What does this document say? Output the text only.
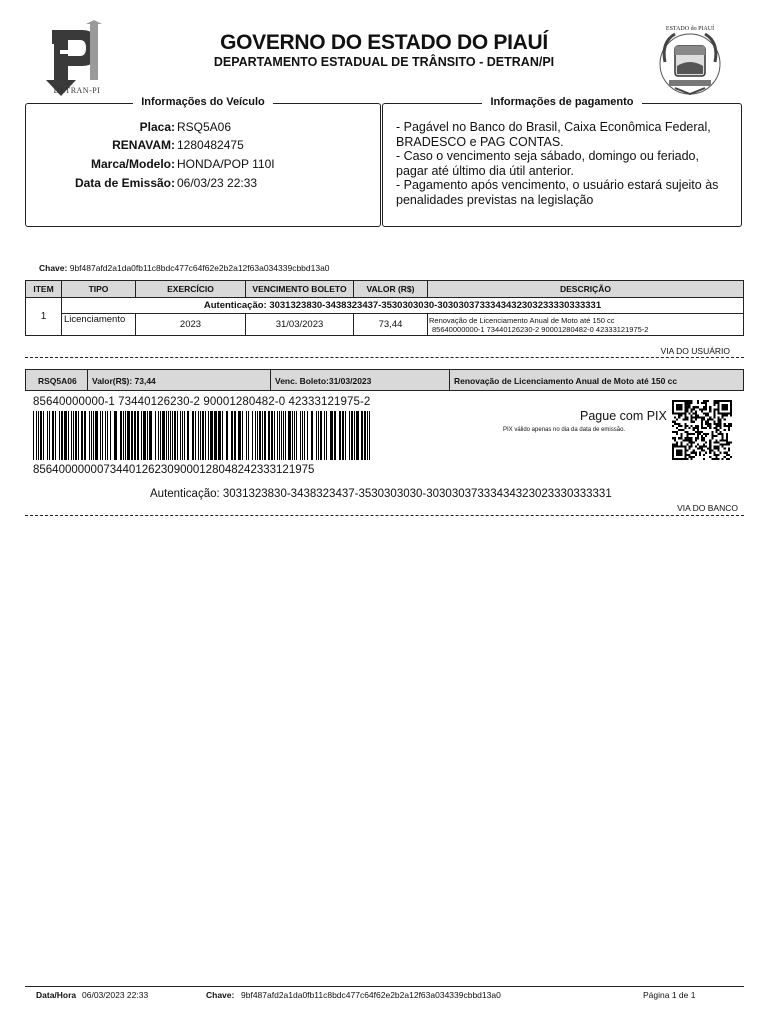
DETRAN-PI
GOVERNO DO ESTADO DO PIAUÍ
DEPARTAMENTO ESTADUAL DE TRÂNSITO - DETRAN/PI
ESTADO do PIAUÍ
Informações do Veículo
Placa: RSQ5A06
RENAVAM: 1280482475
Marca/Modelo: HONDA/POP 110I
Data de Emissão: 06/03/23 22:33
Informações de pagamento
- Pagável no Banco do Brasil, Caixa Econômica Federal,
BRADESCO e PAG CONTAS.
- Caso o vencimento seja sábado, domingo ou feriado,
pagar até último dia útil anterior.
- Pagamento após vencimento, o usuário estará sujeito às
penalidades previstas na legislação
Chave: 9bf487afd2a1da0fb11c8bdc477c64f62e2b2a12f63a034339cbbd13a0
ITEM	TIPO	EXERCÍCIO	VENCIMENTO BOLETO	VALOR (R$)	DESCRIÇÃO
1	Autenticação: 3031323830-3438323437-3530303030-3030303733343432303233330333331				
	Licenciamento	2023	31/03/2023	73,44	Renovação de Licenciamento Anual de Moto até 150 cc
85640000000-1 73440126230-2 90001280482-0 42333121975-2
VIA DO USUÁRIO
RSQ5A06 Valor(R$): 73,44	Venc. Boleto:31/03/2023	Renovação de Licenciamento Anual de Moto até 150 cc
85640000000-1 73440126230-2 90001280482-0 42333121975-2
85640000000734401262309000128048242333121975
Pague com PIX
PIX válido apenas no dia da data de emissão.
Autenticação: 3031323830-3438323437-3530303030-30303037333434323023330333331
VIA DO BANCO
Data/Hora 06/03/2023 22:33	Chave: 9bf487afd2a1da0fb11c8bdc477c64f62e2b2a12f63a034339cbbd13a0	Página 1 de 1
